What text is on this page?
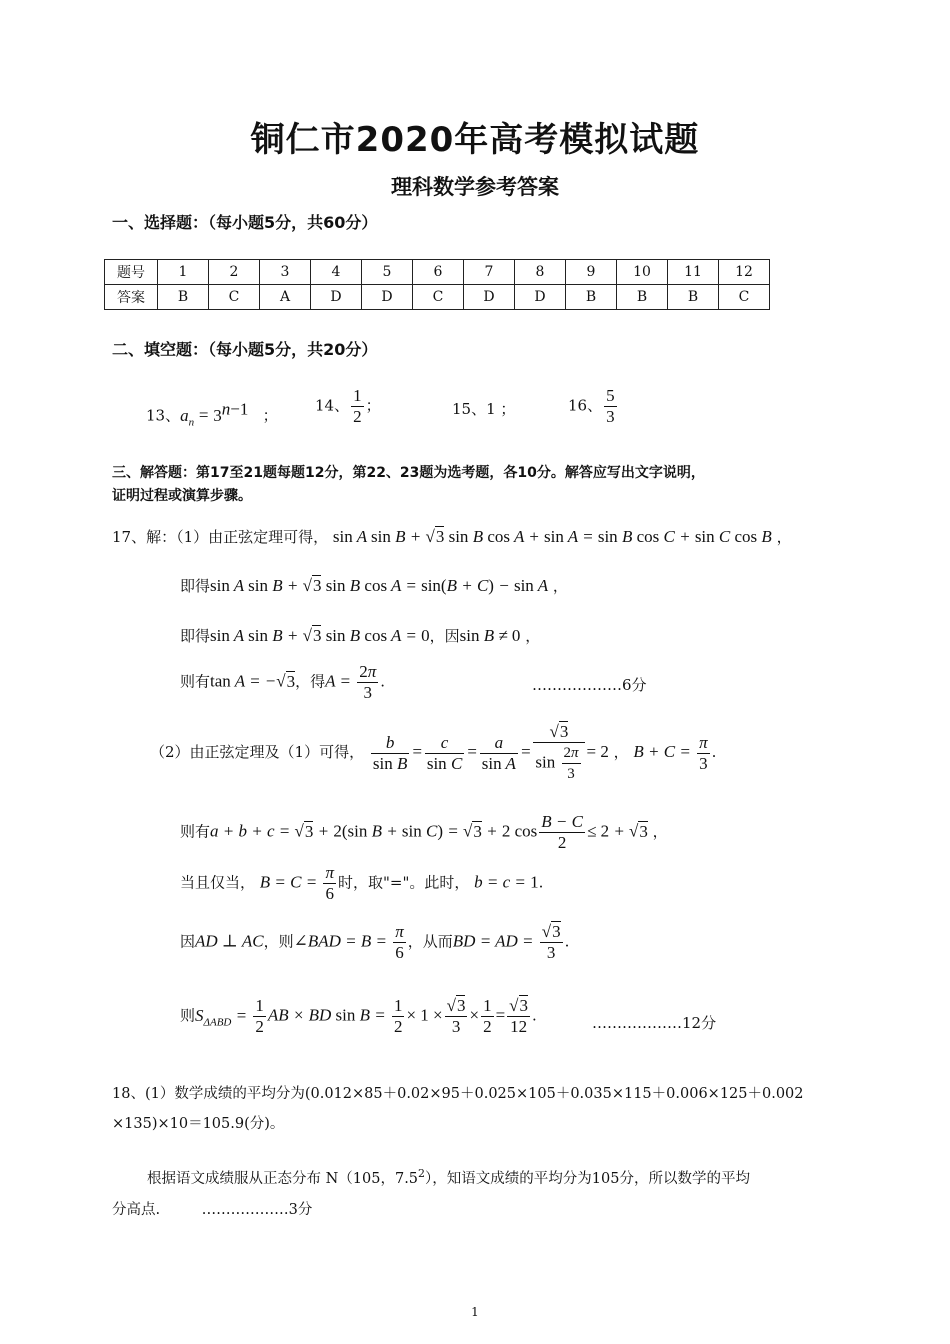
铜仁市2020年高考模拟试题
理科数学参考答案
一、选择题：（每小题5分，共60分）
题号	1	2	3	4	5	6	7	8	9	10	11	12
答案	B	C	A	D	D	C	D	D	B	B	B	C
二、填空题：（每小题5分，共20分）
13、$a_n = 3^{n-1}$ ；
14、 $\frac{1}{2}$ ；	15、1 ；	16、 $\frac{5}{3}$
三、解答题：第17至21题每题12分，第22、23题为选考题，各10分。解答应写出文字说明，
证明过程或演算步骤。
17、解：（1）由正弦定理可得， sin A sin B + √3 sin B cos A + sin A = sin B cos C + sin C cos B ，
即得sin A sin B + √3 sin B cos A = sin(B + C) − sin A ，
即得sin A sin B + √3 sin B cos A = 0，因sin B ≠ 0 ，
则有tan A = −√3，得$A = \frac{2\pi}{3}$ .	………………6分
（2）由正弦定理及（1）可得， $\frac{b}{\text{sin B}} = \frac{c}{\text{sin C}} = \frac{a}{\text{sin A}} = \frac{√3}{\sin \frac{2\pi}{3}} = 2$ ， $B + C = \frac{\pi}{3}$ .
则有a + b + c = √3 + 2(sin B + sin C) = √3 + 2 $\cos \frac{B - C}{2} \le 2 + √3$ ，
当且仅当， $B = C = \frac{\pi}{6}$ 时，取"="。此时， b = c = 1.
因AD ⊥ AC，则∠BAD = $B = \frac{\pi}{6}$ ，从而BD = AD = $\frac{√3}{3}$ .
则$S_{\Delta ABD} = \frac{1}{2}$ AB × BD $\sin B = \frac{1}{2} \times 1 \times \frac{√3}{3} \times \frac{1}{2} = \frac{√3}{12}$ .	………………12分
18、(1）数学成绩的平均分为(0.012×85＋0.02×95＋0.025×105＋0.035×115＋0.006×125＋0.002
×135)×10＝105.9(分)。
根据语文成绩服从正态分布 N（105，$7.5^2$），知语文成绩的平均分为105分，所以数学的平均
分高点.	………………3分
1
